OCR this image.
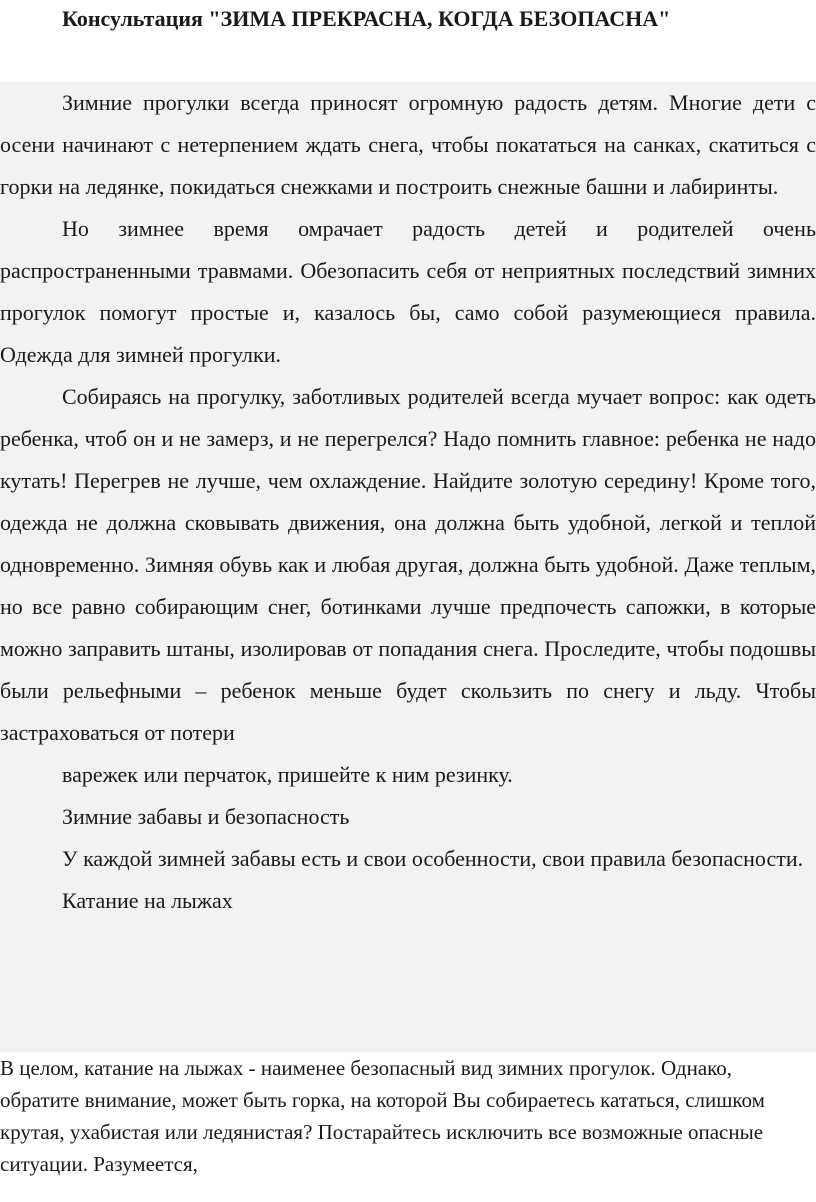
Консультация "ЗИМА ПРЕКРАСНА, КОГДА БЕЗОПАСНА"

Зимние прогулки всегда приносят огромную радость детям. Многие дети с осени начинают с нетерпением ждать снега, чтобы покататься на санках, скатиться с горки на ледянке, покидаться снежками и построить снежные башни и лабиринты.

Но зимнее время омрачает радость детей и родителей очень распространенными травмами. Обезопасить себя от неприятных последствий зимних прогулок помогут простые и, казалось бы, само собой разумеющиеся правила. Одежда для зимней прогулки.

Собираясь на прогулку, заботливых родителей всегда мучает вопрос: как одеть ребенка, чтоб он и не замерз, и не перегрелся? Надо помнить главное: ребенка не надо кутать! Перегрев не лучше, чем охлаждение. Найдите золотую середину! Кроме того, одежда не должна сковывать движения, она должна быть удобной, легкой и теплой одновременно. Зимняя обувь как и любая другая, должна быть удобной. Даже теплым, но все равно собирающим снег, ботинками лучше предпочесть сапожки, в которые можно заправить штаны, изолировав от попадания снега. Проследите, чтобы подошвы были рельефными – ребенок меньше будет скользить по снегу и льду. Чтобы застраховаться от потери

варежек или перчаток, пришейте к ним резинку.

Зимние забавы и безопасность

У каждой зимней забавы есть и свои особенности, свои правила безопасности.

Катание на лыжах

В целом, катание на лыжах - наименее безопасный вид зимних прогулок. Однако, обратите внимание, может быть горка, на которой Вы собираетесь кататься, слишком крутая, ухабистая или ледянистая? Постарайтесь исключить все возможные опасные ситуации. Разумеется,
